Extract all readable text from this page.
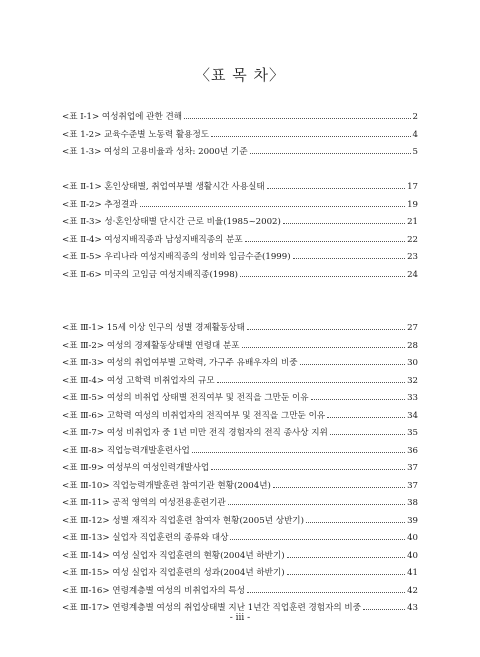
〈표 목 차〉
<표 Ⅰ-1> 여성취업에 관한 견해	2
<표 1-2> 교육수준별 노동력 활용정도	4
<표 1-3> 여성의 고용비율과 성차: 2000년 기준	5
<표 Ⅱ-1> 혼인상태별, 취업여부별 생활시간 사용실태	17
<표 Ⅱ-2> 추정결과	19
<표 Ⅱ-3> 성·혼인상태별 단시간 근로 비율(1985~2002)	21
<표 Ⅱ-4> 여성지배직종과 남성지배직종의 분포	22
<표 Ⅱ-5> 우리나라 여성지배직종의 성비와 임금수준(1999)	23
<표 Ⅱ-6> 미국의 고임금 여성지배직종(1998)	24
<표 Ⅲ-1> 15세 이상 인구의 성별 경제활동상태	27
<표 Ⅲ-2> 여성의 경제활동상태별 연령대 분포	28
<표 Ⅲ-3> 여성의 취업여부별 고학력, 가구주 유배우자의 비중	30
<표 Ⅲ-4> 여성 고학력 비취업자의 규모	32
<표 Ⅲ-5> 여성의 비취업 상태별 전직여부 및 전직을 그만둔 이유	33
<표 Ⅲ-6> 고학력 여성의 비취업자의 전직여부 및 전직을 그만둔 이유	34
<표 Ⅲ-7> 여성 비취업자 중 1년 미만 전직 경험자의 전직 종사상 지위	35
<표 Ⅲ-8> 직업능력개발훈련사업	36
<표 Ⅲ-9> 여성부의 여성인력개발사업	37
<표 Ⅲ-10> 직업능력개발훈련 참여기관 현황(2004년)	37
<표 Ⅲ-11> 공적 영역의 여성전용훈련기관	38
<표 Ⅲ-12> 성별 재직자 직업훈련 참여자 현황(2005년 상반기)	39
<표 Ⅲ-13> 실업자 직업훈련의 종류와 대상	40
<표 Ⅲ-14> 여성 실업자 직업훈련의 현황(2004년 하반기)	40
<표 Ⅲ-15> 여성 실업자 직업훈련의 성과(2004년 하반기)	41
<표 Ⅲ-16> 연령계층별 여성의 비취업자의 특성	42
<표 Ⅲ-17> 연령계층별 여성의 취업상태별 지난 1년간 직업훈련 경험자의 비중	43
- iii -
